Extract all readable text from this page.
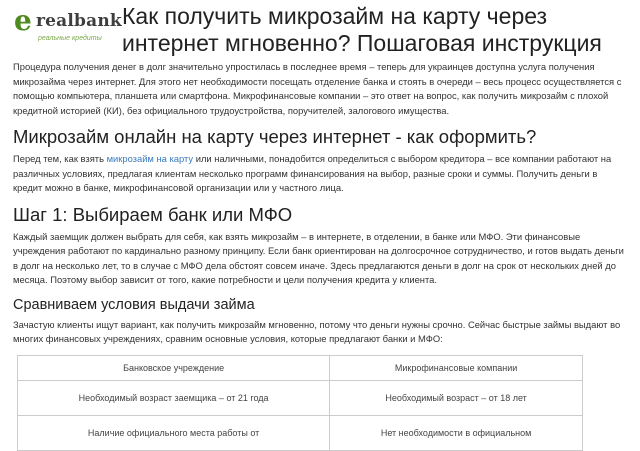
e realbank
реальные кредиты
Как получить микрозайм на карту через интернет мгновенно? Пошаговая инструкция

Процедура получения денег в долг значительно упростилась в последнее время – теперь для украинцев доступна услуга получения микрозайма через интернет. Для этого нет необходимости посещать отделение банка и стоять в очереди – весь процесс осуществляется с помощью компьютера, планшета или смартфона. Микрофинансовые компании – это ответ на вопрос, как получить микрозайм с плохой кредитной историей (КИ), без официального трудоустройства, поручителей, залогового имущества.

Микрозайм онлайн на карту через интернет - как оформить?

Перед тем, как взять микрозайм на карту или наличными, понадобится определиться с выбором кредитора – все компании работают на различных условиях, предлагая клиентам несколько программ финансирования на выбор, разные сроки и суммы. Получить деньги в кредит можно в банке, микрофинансовой организации или у частного лица.

Шаг 1: Выбираем банк или МФО

Каждый заемщик должен выбрать для себя, как взять микрозайм – в интернете, в отделении, в банке или МФО. Эти финансовые учреждения работают по кардинально разному принципу. Если банк ориентирован на долгосрочное сотрудничество, и готов выдать деньги в долг на несколько лет, то в случае с МФО дела обстоят совсем иначе. Здесь предлагаются деньги в долг на срок от нескольких дней до месяца. Поэтому выбор зависит от того, какие потребности и цели получения кредита у клиента.

Сравниваем условия выдачи займа

Зачастую клиенты ищут вариант, как получить микрозайм мгновенно, потому что деньги нужны срочно. Сейчас быстрые займы выдают во многих финансовых учреждениях, сравним основные условия, которые предлагают банки и МФО:

Банковское учреждение	Микрофинансовые компании
Необходимый возраст заемщика – от 21 года	Необходимый возраст – от 18 лет
Наличие официального места работы от	Нет необходимости в официальном
